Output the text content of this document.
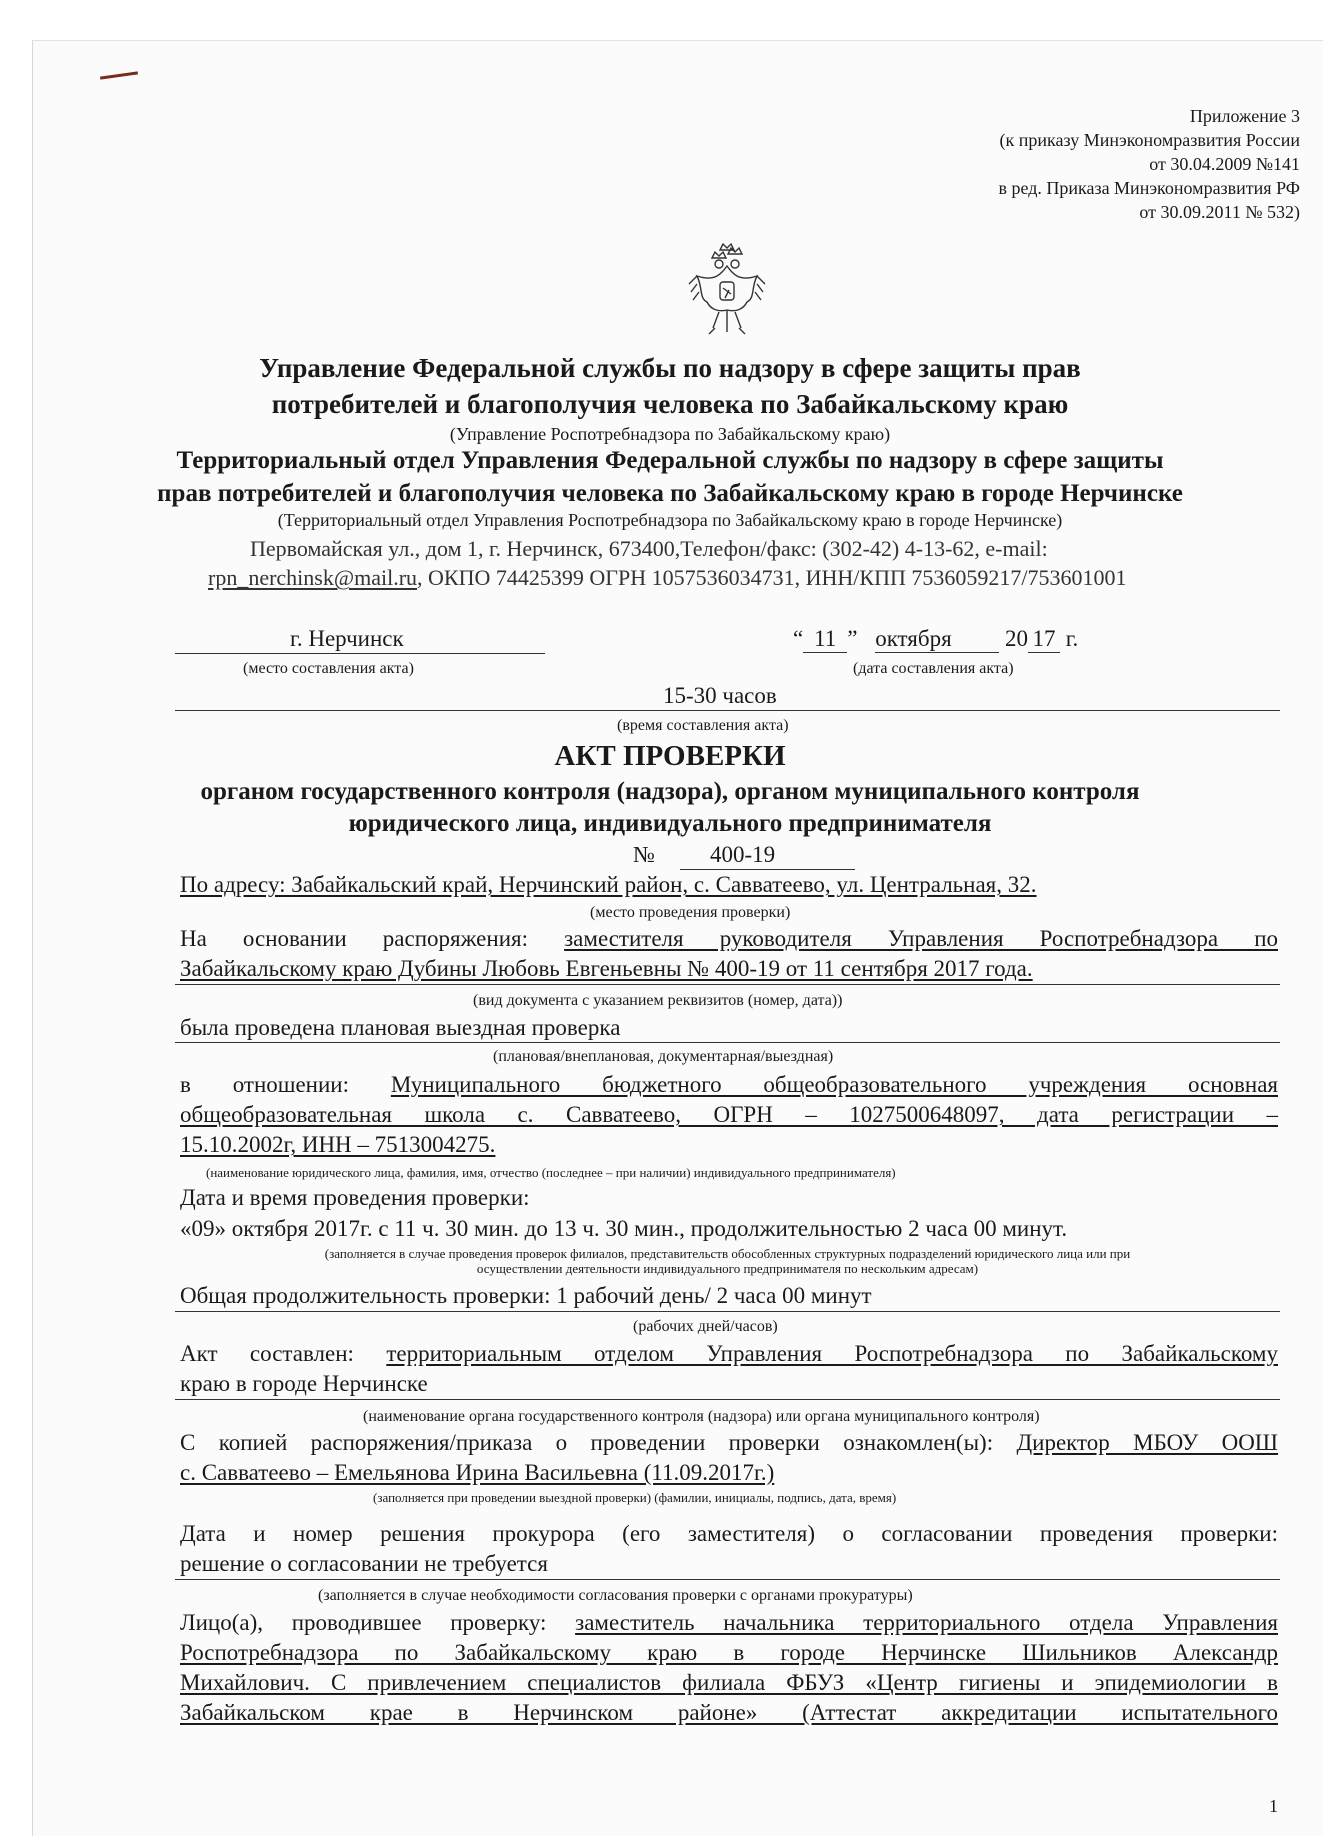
Приложение 3
(к приказу Минэкономразвития России
от 30.04.2009 №141
в ред. Приказа Минэкономразвития РФ
от 30.09.2011 № 532)
Управление Федеральной службы по надзору в сфере защиты прав
потребителей и благополучия человека по Забайкальскому краю
(Управление Роспотребнадзора по Забайкальскому краю)
Территориальный отдел Управления Федеральной службы по надзору в сфере защиты
прав потребителей и благополучия человека по Забайкальскому краю в городе Нерчинске
(Территориальный отдел Управления Роспотребнадзора по Забайкальскому краю в городе Нерчинске)
Первомайская ул., дом 1, г. Нерчинск, 673400,Телефон/факс: (302-42) 4-13-62, e-mail:
rpn_nerchinsk@mail.ru, ОКПО 74425399 ОГРН 1057536034731, ИНН/КПП 7536059217/753601001
г. Нерчинск
(место составления акта)
“ 11 ” октября 20 17 г.
(дата составления акта)
15-30 часов
(время составления акта)
АКТ ПРОВЕРКИ
органом государственного контроля (надзора), органом муниципального контроля
юридического лица, индивидуального предпринимателя
№ 400-19
По адресу: Забайкальский край, Нерчинский район, с. Савватеево, ул. Центральная, 32.
(место проведения проверки)
На основании распоряжения: заместителя руководителя Управления Роспотребнадзора по
Забайкальскому краю Дубины Любовь Евгеньевны № 400-19 от 11 сентября 2017 года.
(вид документа с указанием реквизитов (номер, дата))
была проведена плановая выездная проверка
(плановая/внеплановая, документарная/выездная)
в отношении: Муниципального бюджетного общеобразовательного учреждения основная
общеобразовательная школа с. Савватеево, ОГРН – 1027500648097, дата регистрации –
15.10.2002г, ИНН – 7513004275.
(наименование юридического лица, фамилия, имя, отчество (последнее – при наличии) индивидуального предпринимателя)
Дата и время проведения проверки:
«09» октября 2017г. с 11 ч. 30 мин. до 13 ч. 30 мин., продолжительностью 2 часа 00 минут.
(заполняется в случае проведения проверок филиалов, представительств обособленных структурных подразделений юридического лица или при
осуществлении деятельности индивидуального предпринимателя по нескольким адресам)
Общая продолжительность проверки: 1 рабочий день/ 2 часа 00 минут
(рабочих дней/часов)
Акт составлен: территориальным отделом Управления Роспотребнадзора по Забайкальскому
краю в городе Нерчинске
(наименование органа государственного контроля (надзора) или органа муниципального контроля)
С копией распоряжения/приказа о проведении проверки ознакомлен(ы): Директор МБОУ ООШ
с. Савватеево – Емельянова Ирина Васильевна (11.09.2017г.)
(заполняется при проведении выездной проверки) (фамилии, инициалы, подпись, дата, время)
Дата и номер решения прокурора (его заместителя) о согласовании проведения проверки:
решение о согласовании не требуется
(заполняется в случае необходимости согласования проверки с органами прокуратуры)
Лицо(а), проводившее проверку: заместитель начальника территориального отдела Управления
Роспотребнадзора по Забайкальскому краю в городе Нерчинске Шильников Александр
Михайлович. С привлечением специалистов филиала ФБУЗ «Центр гигиены и эпидемиологии в
Забайкальском крае в Нерчинском районе» (Аттестат аккредитации испытательного
1
